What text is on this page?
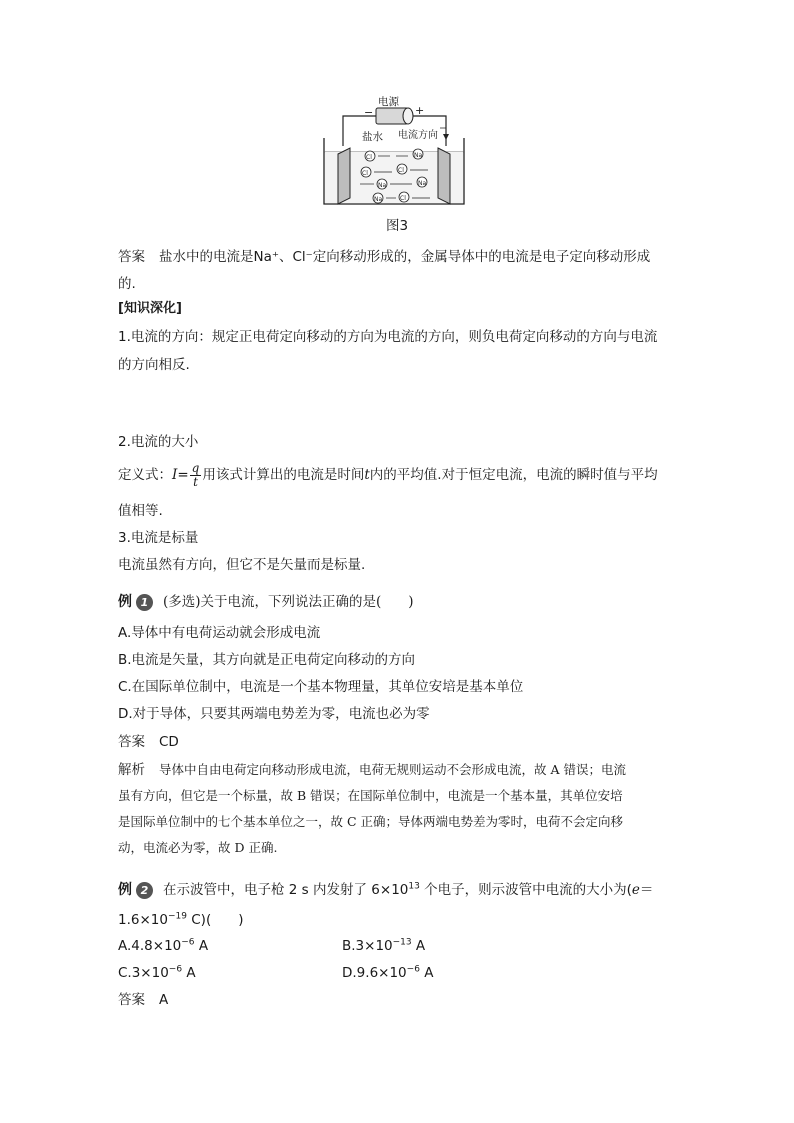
电源
−	+
盐水 电流方向
Cl	Na
Cl	Cl
Na	Na
Na	Cl
图3
答案 盐水中的电流是Na⁺、Cl⁻定向移动形成的，金属导体中的电流是电子定向移动形成
的.
[知识深化]
1.电流的方向：规定正电荷定向移动的方向为电流的方向，则负电荷定向移动的方向与电流
的方向相反.
2.电流的大小
定义式：$I= \frac{q}{t}$ 用该式计算出的电流是时间t内的平均值.对于恒定电流，电流的瞬时值与平均
值相等.
3.电流是标量
电流虽然有方向，但它不是矢量而是标量.
例 1 (多选)关于电流，下列说法正确的是(　　)
A.导体中有电荷运动就会形成电流
B.电流是矢量，其方向就是正电荷定向移动的方向
C.在国际单位制中，电流是一个基本物理量，其单位安培是基本单位
D.对于导体，只要其两端电势差为零，电流也必为零
答案 CD
解析 导体中自由电荷定向移动形成电流，电荷无规则运动不会形成电流，故 A 错误；电流
虽有方向，但它是一个标量，故 B 错误；在国际单位制中，电流是一个基本量，其单位安培
是国际单位制中的七个基本单位之一，故 C 正确；导体两端电势差为零时，电荷不会定向移
动，电流必为零，故 D 正确.
例 2 在示波管中，电子枪 2 s 内发射了 $6\times 10^{13}$ 个电子，则示波管中电流的大小为(e＝
$1.6\times 10^{-19}$ C)(　　)
$A.4.8\times 10^{-6}$ A	$B.3\times 10^{-13}$ A
$C.3\times 10^{-6}$ A	$D.9.6\times 10^{-6}$ A
答案 A
